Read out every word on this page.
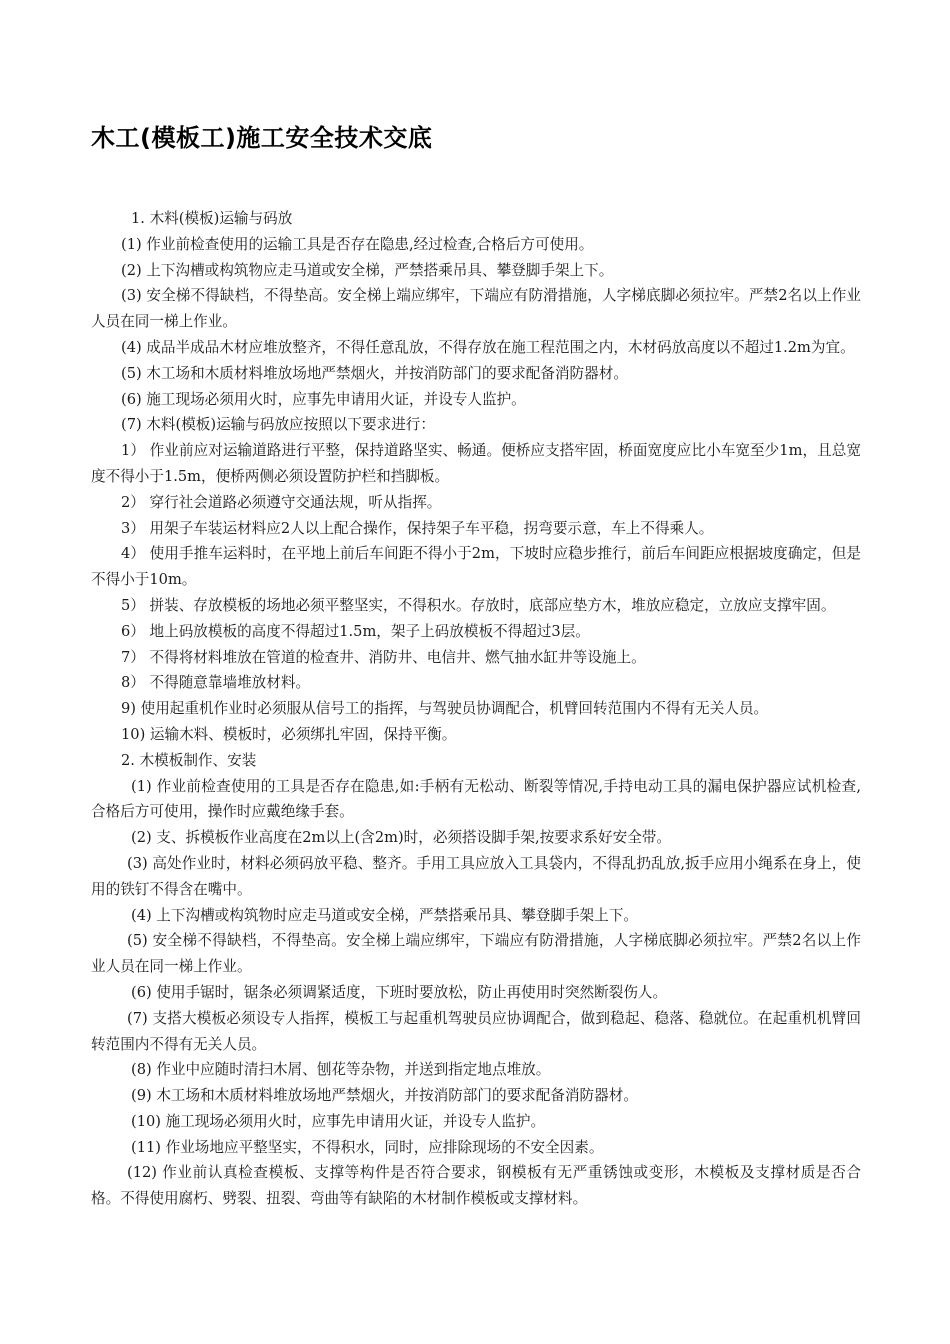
木工(模板工)施工安全技术交底

1. 木料(模板)运输与码放

(1) 作业前检查使用的运输工具是否存在隐患,经过检查,合格后方可使用。

(2) 上下沟槽或构筑物应走马道或安全梯，严禁搭乘吊具、攀登脚手架上下。

(3) 安全梯不得缺档，不得垫高。安全梯上端应绑牢，下端应有防滑措施，人字梯底脚必须拉牢。严禁2名以上作业人员在同一梯上作业。

(4) 成品半成品木材应堆放整齐，不得任意乱放，不得存放在施工程范围之内，木材码放高度以不超过1.2m为宜。

(5) 木工场和木质材料堆放场地严禁烟火，并按消防部门的要求配备消防器材。

(6) 施工现场必须用火时，应事先申请用火证，并设专人监护。

(7) 木料(模板)运输与码放应按照以下要求进行：

1） 作业前应对运输道路进行平整，保持道路坚实、畅通。便桥应支搭牢固，桥面宽度应比小车宽至少1m，且总宽度不得小于1.5m，便桥两侧必须设置防护栏和挡脚板。

2） 穿行社会道路必须遵守交通法规，听从指挥。

3） 用架子车装运材料应2人以上配合操作，保持架子车平稳，拐弯要示意，车上不得乘人。

4） 使用手推车运料时，在平地上前后车间距不得小于2m，下坡时应稳步推行，前后车间距应根据坡度确定，但是不得小于10m。

5） 拼装、存放模板的场地必须平整坚实，不得积水。存放时，底部应垫方木，堆放应稳定，立放应支撑牢固。

6） 地上码放模板的高度不得超过1.5m，架子上码放模板不得超过3层。

7） 不得将材料堆放在管道的检查井、消防井、电信井、燃气抽水缸井等设施上。

8） 不得随意靠墙堆放材料。

9) 使用起重机作业时必须服从信号工的指挥，与驾驶员协调配合，机臂回转范围内不得有无关人员。

10) 运输木料、模板时，必须绑扎牢固，保持平衡。

2. 木模板制作、安装

(1) 作业前检查使用的工具是否存在隐患,如:手柄有无松动、断裂等情况,手持电动工具的漏电保护器应试机检查,合格后方可使用，操作时应戴绝缘手套。

(2) 支、拆模板作业高度在2m以上(含2m)时，必须搭设脚手架,按要求系好安全带。

(3) 高处作业时，材料必须码放平稳、整齐。手用工具应放入工具袋内，不得乱扔乱放,扳手应用小绳系在身上，使用的铁钉不得含在嘴中。

(4) 上下沟槽或构筑物时应走马道或安全梯，严禁搭乘吊具、攀登脚手架上下。

(5) 安全梯不得缺档，不得垫高。安全梯上端应绑牢，下端应有防滑措施，人字梯底脚必须拉牢。严禁2名以上作业人员在同一梯上作业。

(6) 使用手锯时，锯条必须调紧适度，下班时要放松，防止再使用时突然断裂伤人。

(7) 支搭大模板必须设专人指挥，模板工与起重机驾驶员应协调配合，做到稳起、稳落、稳就位。在起重机机臂回转范围内不得有无关人员。

(8) 作业中应随时清扫木屑、刨花等杂物，并送到指定地点堆放。

(9) 木工场和木质材料堆放场地严禁烟火，并按消防部门的要求配备消防器材。

(10) 施工现场必须用火时，应事先申请用火证，并设专人监护。

(11) 作业场地应平整坚实，不得积水，同时，应排除现场的不安全因素。

(12) 作业前认真检查模板、支撑等构件是否符合要求，钢模板有无严重锈蚀或变形，木模板及支撑材质是否合格。不得使用腐朽、劈裂、扭裂、弯曲等有缺陷的木材制作模板或支撑材料。
